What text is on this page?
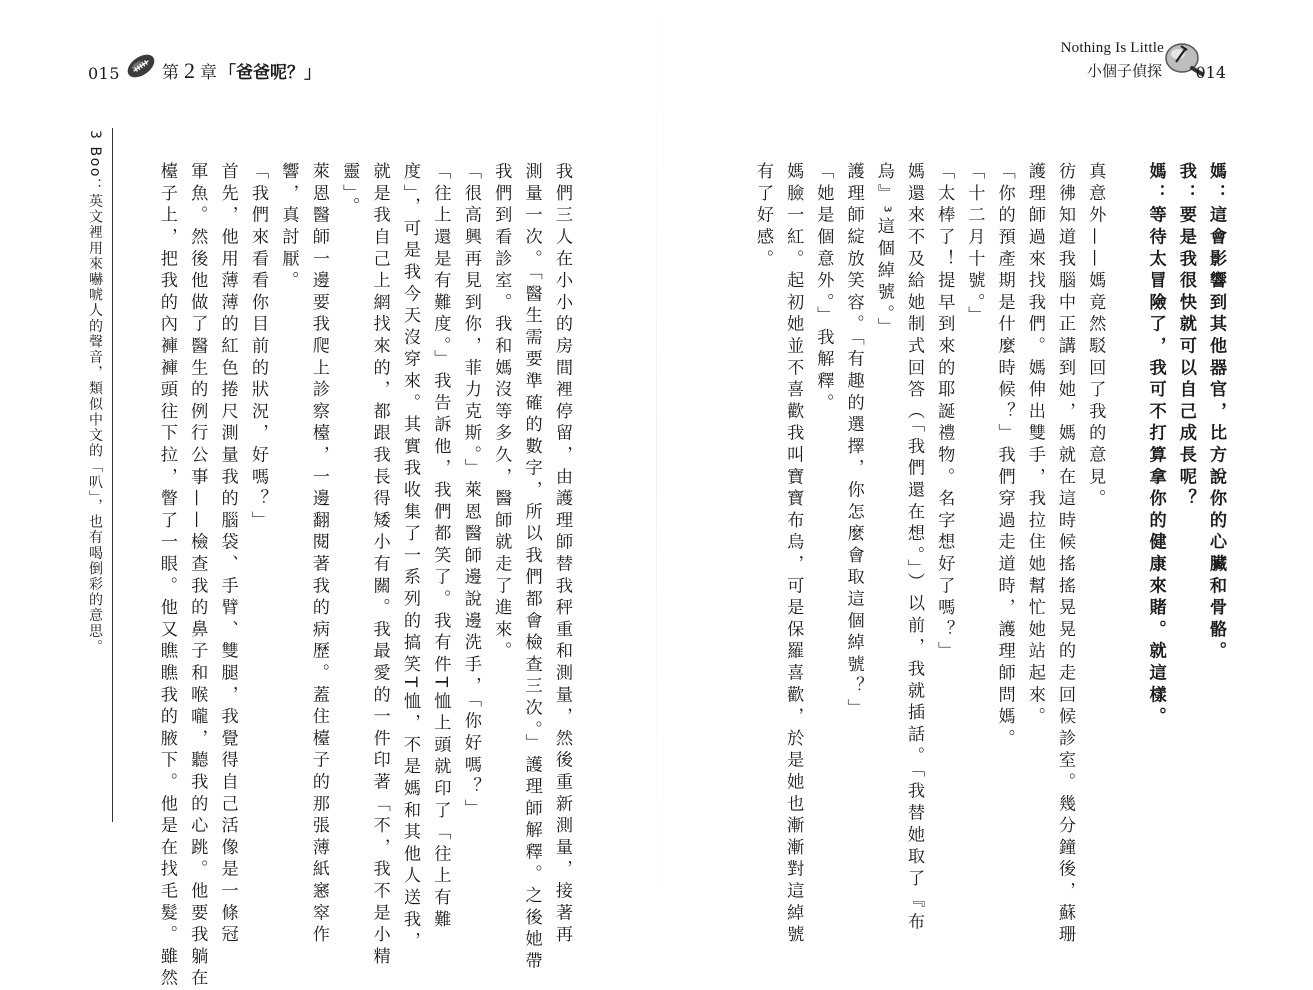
015 第 2 章 「爸爸呢？」
Nothing Is Little
小個子偵探 014
媽：這會影響到其他器官，比方說你的心臟和骨骼。
我：要是我很快就可以自己成長呢？
媽：等待太冒險了，我可不打算拿你的健康來賭。就這樣。
真意外——媽竟然駁回了我的意見。
彷彿知道我腦中正講到她，媽就在這時候搖搖晃晃的走回候診室。幾分鐘後，蘇珊
護理師過來找我們。媽伸出雙手，我拉住她幫忙她站起來。
「你的預產期是什麼時候？」我們穿過走道時，護理師問媽。
「十二月十號。」
「太棒了！提早到來的耶誕禮物。名字想好了嗎？」
媽還來不及給她制式回答（「我們還在想。」）以前，我就插話。「我替她取了『布
烏』³這個綽號。」
護理師綻放笑容。「有趣的選擇，你怎麼會取這個綽號？」
「她是個意外。」我解釋。
媽臉一紅。起初她並不喜歡我叫寶寶布烏，可是保羅喜歡，於是她也漸漸對這綽號
有了好感。
我們三人在小小的房間裡停留，由護理師替我秤重和測量，然後重新測量，接著再
測量一次。「醫生需要準確的數字，所以我們都會檢查三次。」護理師解釋。之後她帶
我們到看診室。我和媽沒等多久，醫師就走了進來。
「很高興再見到你，菲力克斯。」萊恩醫師邊說邊洗手，「你好嗎？」
「往上還是有難度。」我告訴他，我們都笑了。我有件T恤上頭就印了「往上有難
度」，可是我今天沒穿來。其實我收集了一系列的搞笑T恤，不是媽和其他人送我，
就是我自己上網找來的，都跟我長得矮小有關。我最愛的一件印著「不，我不是小精
靈」。
萊恩醫師一邊要我爬上診察檯，一邊翻閱著我的病歷。蓋住檯子的那張薄紙窸窣作
響，真討厭。
「我們來看看你目前的狀況，好嗎？」
首先，他用薄薄的紅色捲尺測量我的腦袋、手臂、雙腿，我覺得自己活像是一條冠
軍魚。然後他做了醫生的例行公事——檢查我的鼻子和喉嚨，聽我的心跳。他要我躺在
檯子上，把我的內褲褲頭往下拉，瞥了一眼。他又瞧瞧我的腋下。他是在找毛髮。雖然
3 Boo：英文裡用來嚇唬人的聲音，類似中文的「叭」，也有喝倒彩的意思。
